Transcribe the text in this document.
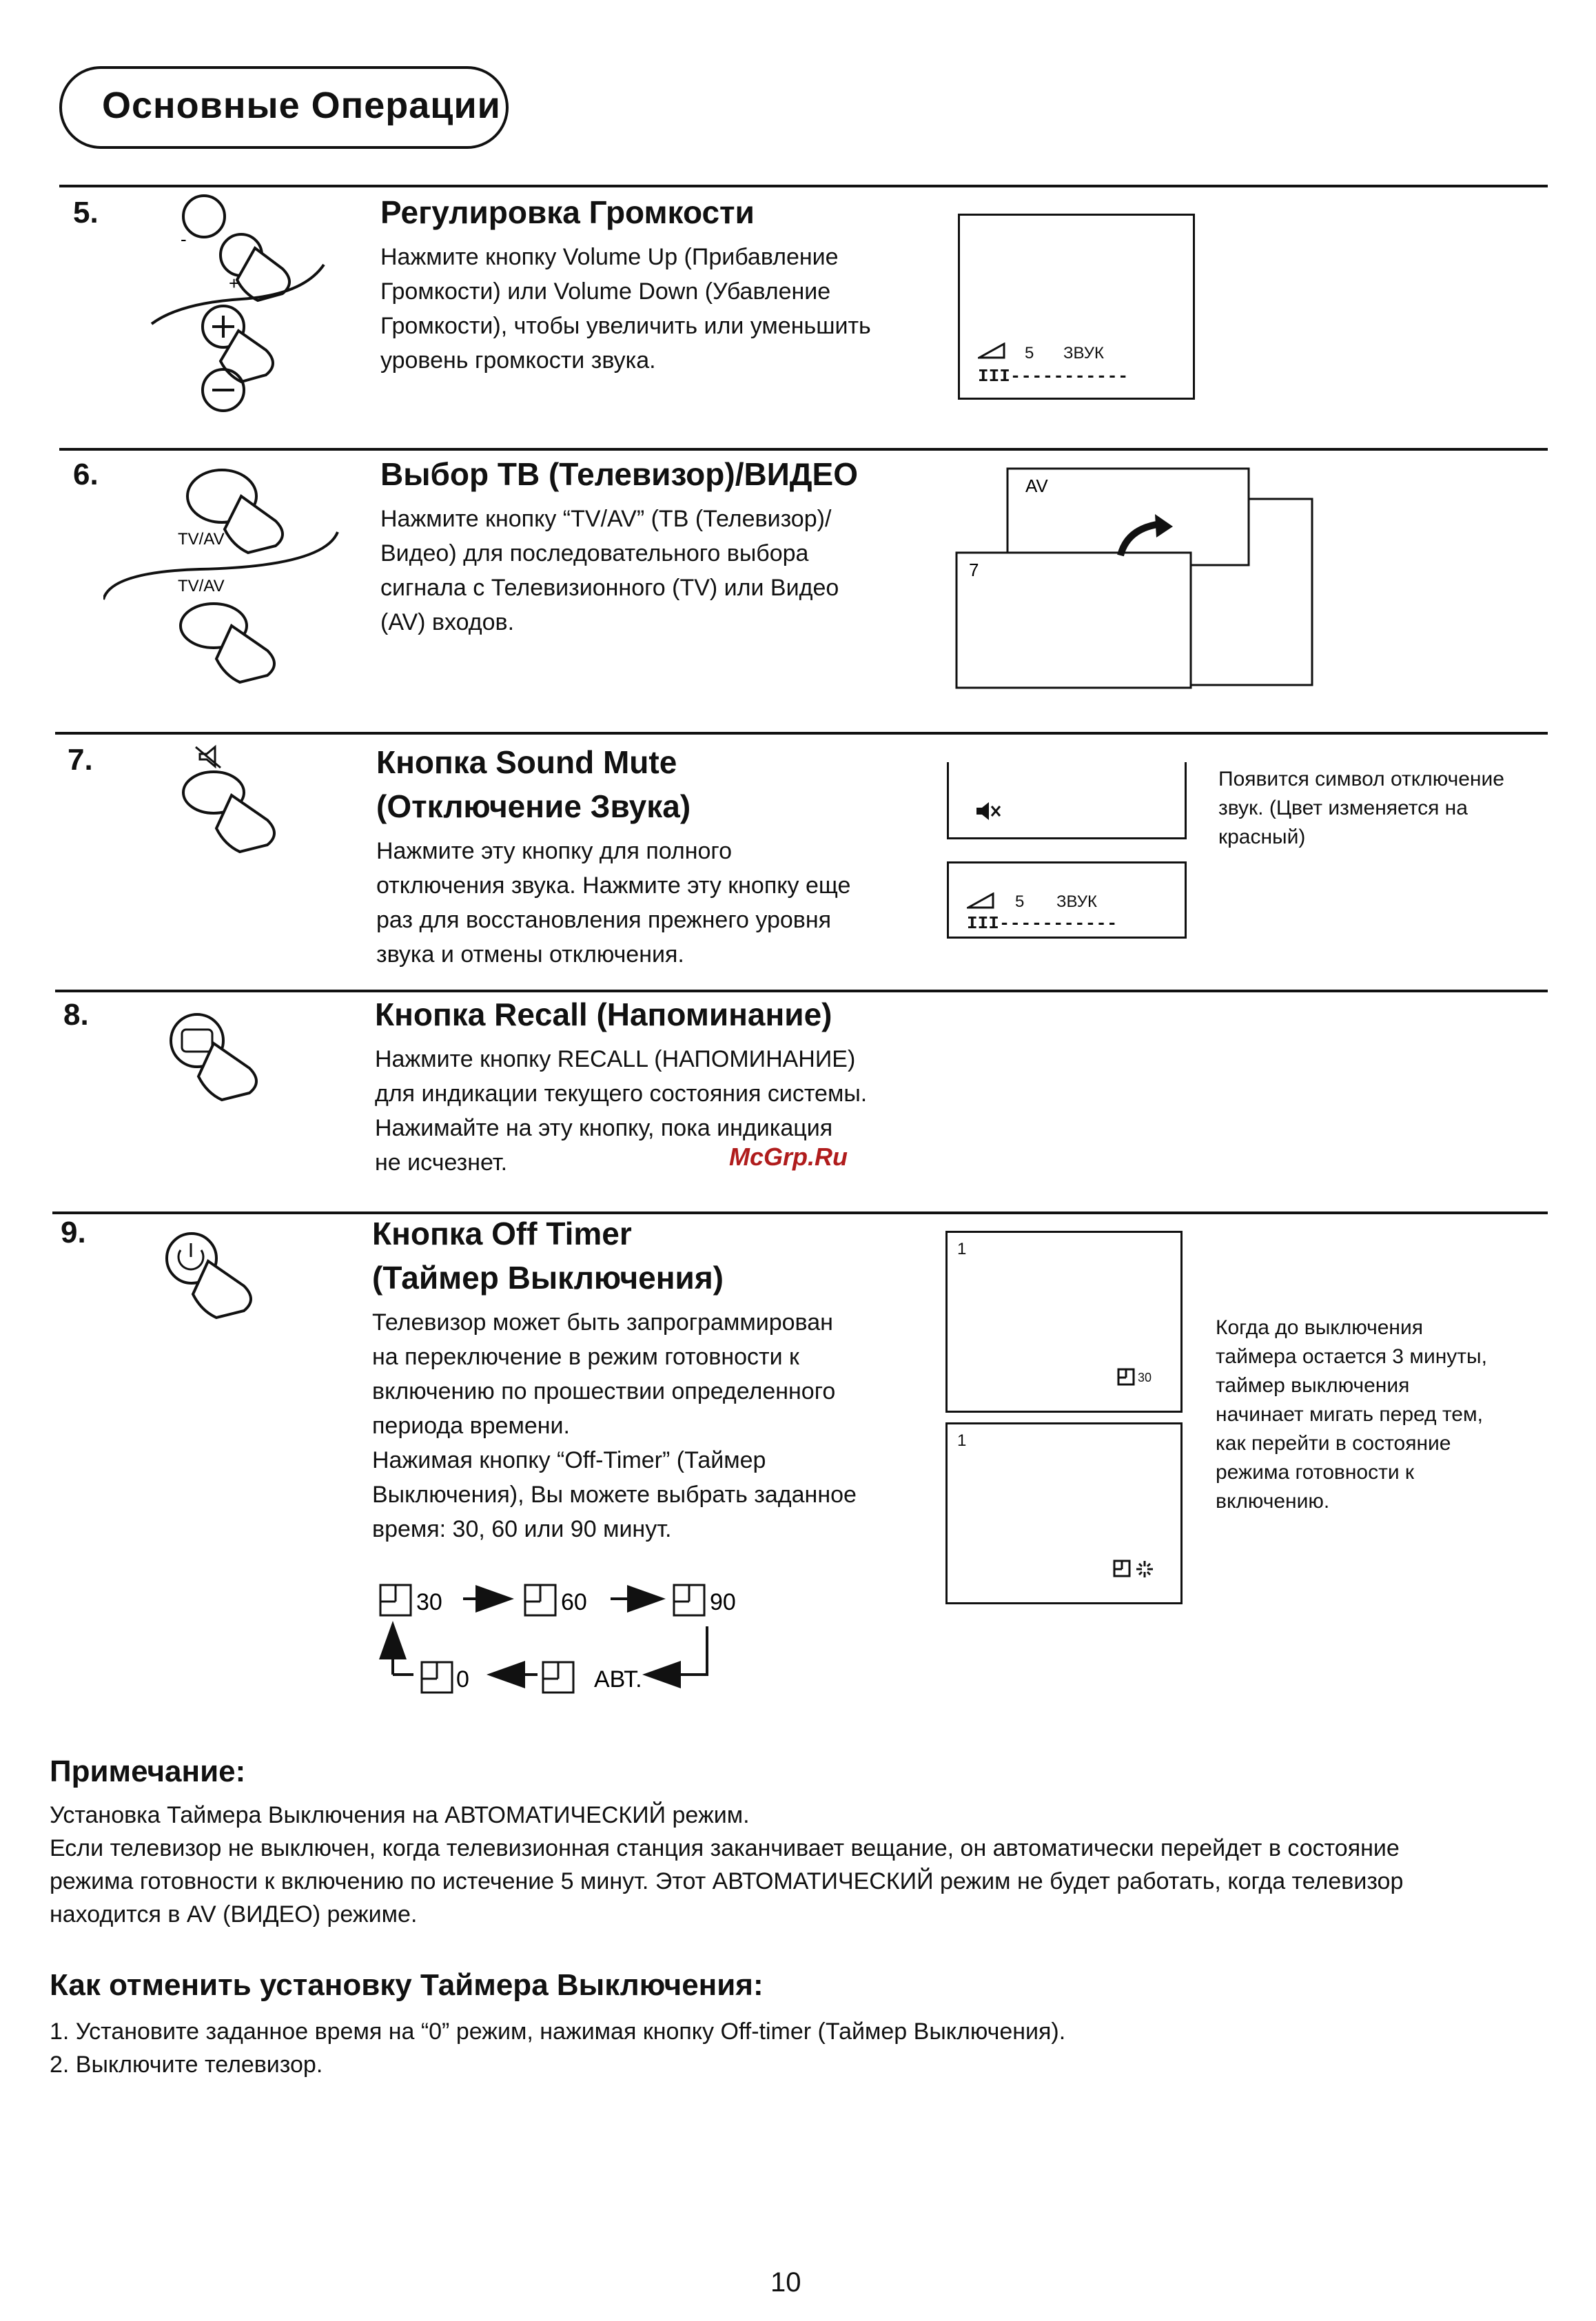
Основные Операции
5.
-
+
Регулировка Громкости
Нажмите кнопку Volume Up (Прибавление
Громкости) или Volume Down (Убавление
Громкости), чтобы увеличить или уменьшить
уровень громкости звука.	5 ЗВУК
III-----------
6.
TV/AV
TV/AV
Выбор ТВ (Телевизор)/ВИДЕО
Нажмите кнопку “TV/AV” (ТВ (Телевизор)/
Видео) для последовательного выбора
сигнала с Телевизионного (TV) или Видео
(AV) входов.
AV
7
7.	Кнопка Sound Mute
(Отключение Звука)
Нажмите эту кнопку для полного
отключения звука. Нажмите эту кнопку еще
раз для восстановления прежнего уровня
звука и отмены отключения.
5 ЗВУК
III-----------
Появится символ отключение
звук. (Цвет изменяется на
красный)
8.	Кнопка Recall (Напоминание)
Нажмите кнопку RECALL (НАПОМИНАНИЕ)
для индикации текущего состояния системы.
Нажимайте на эту кнопку, пока индикация
не исчезнет.	McGrp.Ru
9.	Кнопка Off Timer
(Таймер Выключения)
Телевизор может быть запрограммирован
на переключение в режим готовности к
включению по прошествии определенного
периода времени.
Нажимая кнопку “Off-Timer” (Таймер
Выключения), Вы можете выбрать заданное
время: 30, 60 или 90 минут.
1
30
1
Когда до выключения
таймера остается 3 минуты,
таймер выключения
начинает мигать перед тем,
как перейти в состояние
режима готовности к
включению.
30	60	90
0	АВТ.
Примечание:
Установка Таймера Выключения на АВТОМАТИЧЕСКИЙ режим.
Если телевизор не выключен, когда телевизионная станция заканчивает вещание, он автоматически перейдет в состояние
режима готовности к включению по истечение 5 минут. Этот АВТОМАТИЧЕСКИЙ режим не будет работать, когда телевизор
находится в AV (ВИДЕО) режиме.
Как отменить установку Таймера Выключения:
1. Установите заданное время на “0” режим, нажимая кнопку Off-timer (Таймер Выключения).
2. Выключите телевизор.
10
